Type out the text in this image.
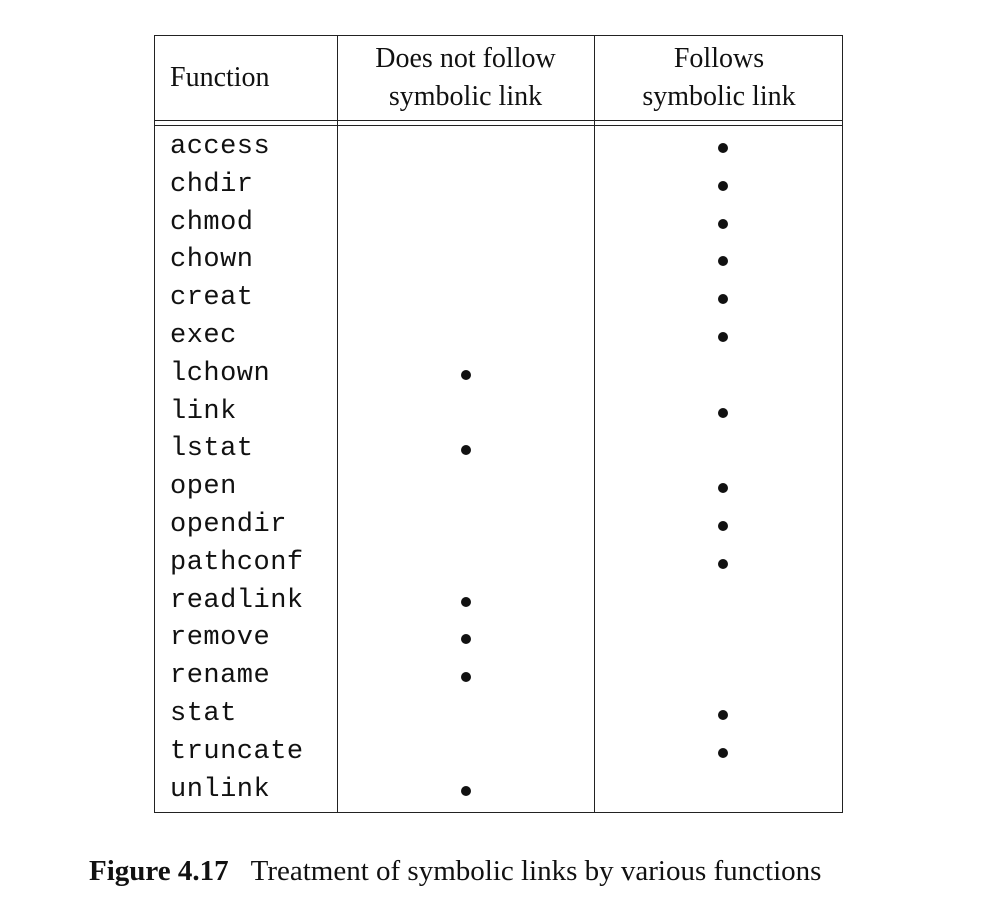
Function
Does not follow
symbolic link
Follows
symbolic link
access
chdir
chmod
chown
creat
exec
lchown
link
lstat
open
opendir
pathconf
readlink
remove
rename
stat
truncate
unlink
Figure 4.17 Treatment of symbolic links by various functions
